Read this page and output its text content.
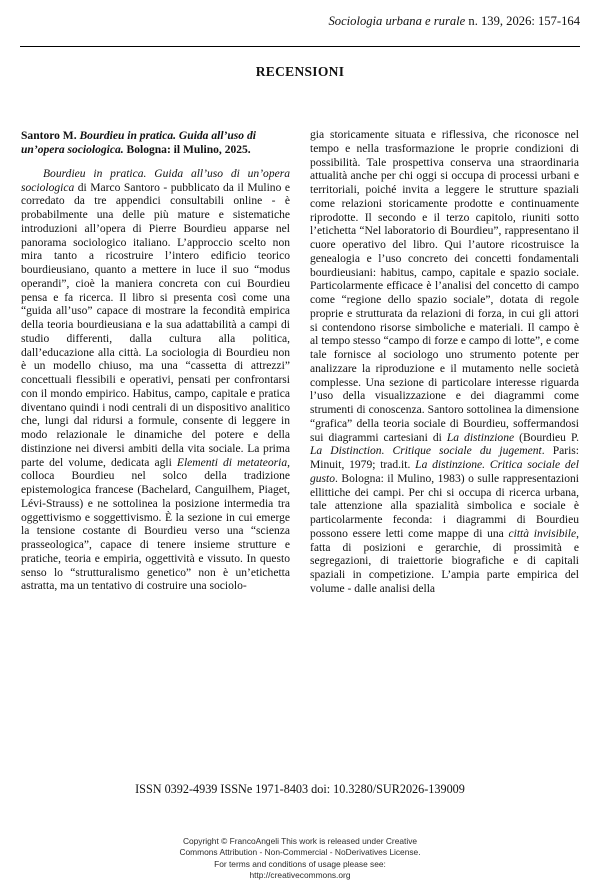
Sociologia urbana e rurale n. 139, 2026: 157-164
RECENSIONI

Santoro M. Bourdieu in pratica. Guida all’uso di un’opera sociologica. Bologna: il Mulino, 2025.

Bourdieu in pratica. Guida all’uso di un’opera sociologica di Marco Santoro - pubblicato da il Mulino e corredato da tre appendici consultabili online - è probabilmente una delle più mature e sistematiche introduzioni all’opera di Pierre Bourdieu apparse nel panorama sociologico italiano. L’approccio scelto non mira tanto a ricostruire l’intero edificio teorico bourdieusiano, quanto a mettere in luce il suo “modus operandi”, cioè la maniera concreta con cui Bourdieu pensa e fa ricerca. Il libro si presenta così come una “guida all’uso” capace di mostrare la fecondità empirica della teoria bourdieusiana e la sua adattabilità a campi di studio differenti, dalla cultura alla politica, dall’educazione alla città. La sociologia di Bourdieu non è un modello chiuso, ma una “cassetta di attrezzi” concettuali flessibili e operativi, pensati per confrontarsi con il mondo empirico. Habitus, campo, capitale e pratica diventano quindi i nodi centrali di un dispositivo analitico che, lungi dal ridursi a formule, consente di leggere in modo relazionale le dinamiche del potere e della distinzione nei diversi ambiti della vita sociale. La prima parte del volume, dedicata agli Elementi di metateoria, colloca Bourdieu nel solco della tradizione epistemologica francese (Bachelard, Canguilhem, Piaget, Lévi-Strauss) e ne sottolinea la posizione intermedia tra oggettivismo e soggettivismo. È la sezione in cui emerge la tensione costante di Bourdieu verso una “scienza prasseologica”, capace di tenere insieme strutture e pratiche, teoria e empiria, oggettività e vissuto. In questo senso lo “strutturalismo genetico” non è un’etichetta astratta, ma un tentativo di costruire una sociolo-

gia storicamente situata e riflessiva, che riconosce nel tempo e nella trasformazione le proprie condizioni di possibilità. Tale prospettiva conserva una straordinaria attualità anche per chi oggi si occupa di processi urbani e territoriali, poiché invita a leggere le strutture spaziali come relazioni storicamente prodotte e continuamente riprodotte. Il secondo e il terzo capitolo, riuniti sotto l’etichetta “Nel laboratorio di Bourdieu”, rappresentano il cuore operativo del libro. Qui l’autore ricostruisce la genealogia e l’uso concreto dei concetti fondamentali bourdieusiani: habitus, campo, capitale e spazio sociale. Particolarmente efficace è l’analisi del concetto di campo come “regione dello spazio sociale”, dotata di regole proprie e strutturata da relazioni di forza, in cui gli attori si contendono risorse simboliche e materiali. Il campo è al tempo stesso “campo di forze e campo di lotte”, e come tale fornisce al sociologo uno strumento potente per analizzare la riproduzione e il mutamento nelle società complesse. Una sezione di particolare interesse riguarda l’uso della visualizzazione e dei diagrammi come strumenti di conoscenza. Santoro sottolinea la dimensione “grafica” della teoria sociale di Bourdieu, soffermandosi sui diagrammi cartesiani di La distinzione (Bourdieu P. La Distinction. Critique sociale du jugement. Paris: Minuit, 1979; trad.it. La distinzione. Critica sociale del gusto. Bologna: il Mulino, 1983) o sulle rappresentazioni ellittiche dei campi. Per chi si occupa di ricerca urbana, tale attenzione alla spazialità simbolica e sociale è particolarmente feconda: i diagrammi di Bourdieu possono essere letti come mappe di una città invisibile, fatta di posizioni e gerarchie, di prossimità e segregazioni, di traiettorie biografiche e di capitali spaziali in competizione. L’ampia parte empirica del volume - dalle analisi della

ISSN 0392-4939 ISSNe 1971-8403 doi: 10.3280/SUR2026-139009
Copyright © FrancoAngeli This work is released under Creative
Commons Attribution - Non-Commercial - NoDerivatives License.
For terms and conditions of usage please see:
http://creativecommons.org
